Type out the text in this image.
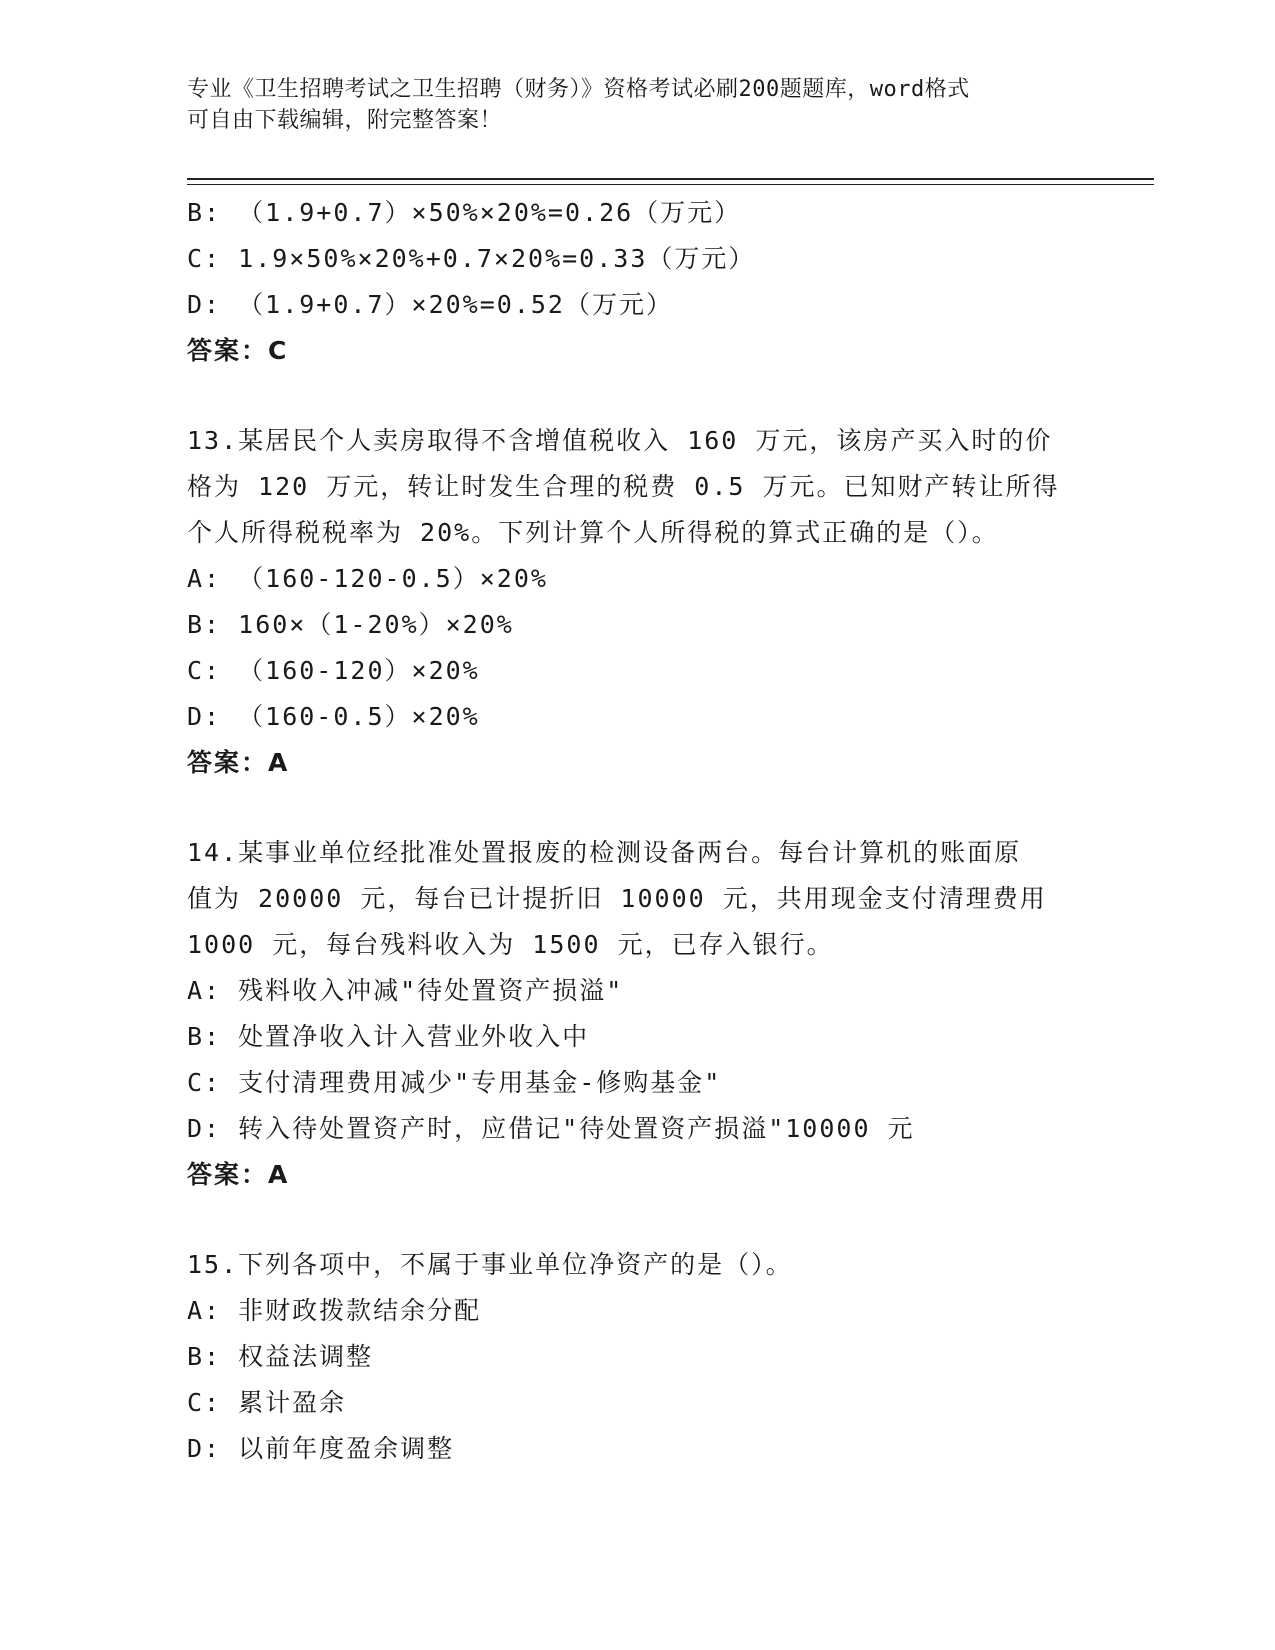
专业《卫生招聘考试之卫生招聘（财务）》资格考试必刷200题题库，word格式
可自由下载编辑，附完整答案！
B: （1.9+0.7）×50%×20%=0.26（万元）
C: 1.9×50%×20%+0.7×20%=0.33（万元）
D: （1.9+0.7）×20%=0.52（万元）
答案：C
13.某居民个人卖房取得不含增值税收入 160 万元，该房产买入时的价
格为 120 万元，转让时发生合理的税费 0.5 万元。已知财产转让所得
个人所得税税率为 20%。下列计算个人所得税的算式正确的是（）。
A: （160-120-0.5）×20%
B: 160×（1-20%）×20%
C: （160-120）×20%
D: （160-0.5）×20%
答案：A
14.某事业单位经批准处置报废的检测设备两台。每台计算机的账面原
值为 20000 元，每台已计提折旧 10000 元，共用现金支付清理费用
1000 元，每台残料收入为 1500 元，已存入银行。
A: 残料收入冲减"待处置资产损溢"
B: 处置净收入计入营业外收入中
C: 支付清理费用减少"专用基金-修购基金"
D: 转入待处置资产时，应借记"待处置资产损溢"10000 元
答案：A
15.下列各项中，不属于事业单位净资产的是（）。
A: 非财政拨款结余分配
B: 权益法调整
C: 累计盈余
D: 以前年度盈余调整
